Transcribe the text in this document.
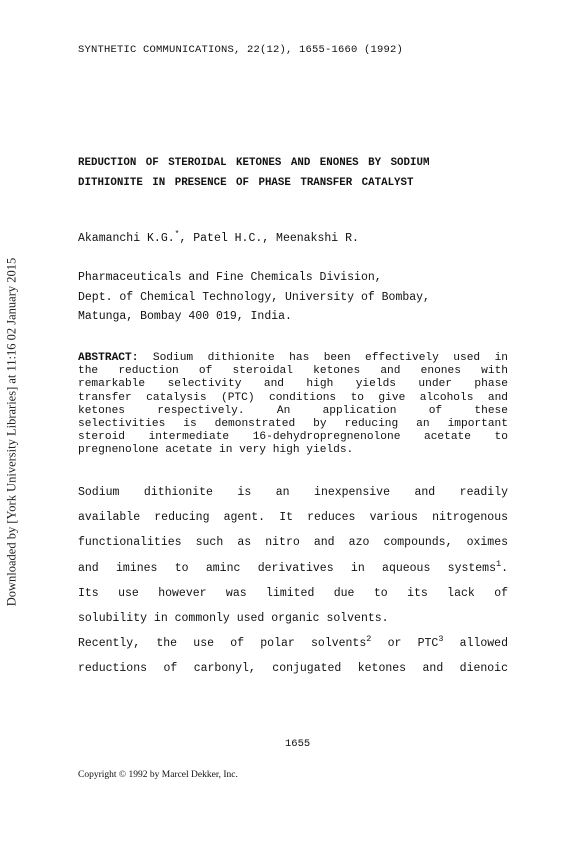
Downloaded by [York University Libraries] at 11:16 02 January 2015
SYNTHETIC COMMUNICATIONS, 22(12), 1655-1660 (1992)
REDUCTION OF STEROIDAL KETONES AND ENONES BY SODIUM
DITHIONITE IN PRESENCE OF PHASE TRANSFER CATALYST
Akamanchi K.G.*, Patel H.C., Meenakshi R.
Pharmaceuticals and Fine Chemicals Division,
Dept. of Chemical Technology, University of Bombay,
Matunga, Bombay 400 019, India.
ABSTRACT: Sodium dithionite has been effectively used in
the reduction of steroidal ketones and enones with
remarkable selectivity and high yields under phase
transfer catalysis (PTC) conditions to give alcohols and
ketones respectively. An application of these
selectivities is demonstrated by reducing an important
steroid intermediate 16-dehydropregnenolone acetate to
pregnenolone acetate in very high yields.
Sodium dithionite is an inexpensive and readily
available reducing agent. It reduces various nitrogenous
functionalities such as nitro and azo compounds, oximes
and imines to aminc derivatives in aqueous systems$^1$.
Its use however was limited due to its lack of
solubility in commonly used organic solvents.
Recently, the use of polar solvents$^2$ or PTC$^3$ allowed
reductions of carbonyl, conjugated ketones and dienoic
1655
Copyright © 1992 by Marcel Dekker, Inc.
